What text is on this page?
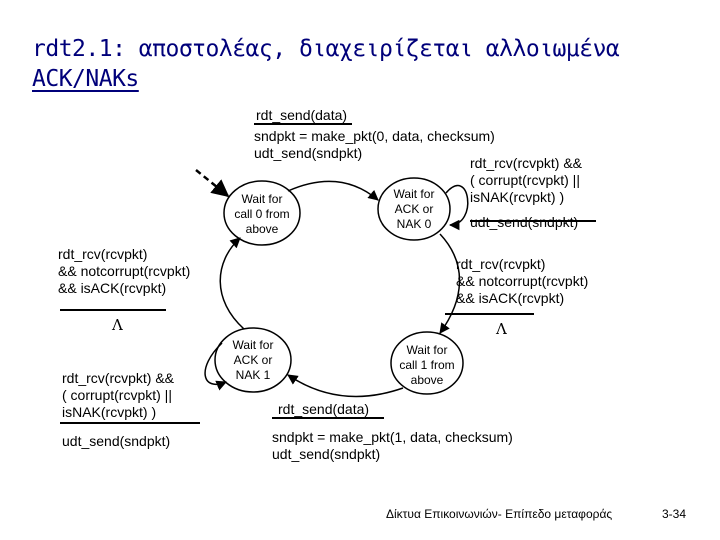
rdt2.1: αποστολέας, διαχειρίζεται αλλοιωμένα
ACK/NAKs
Wait for
call 0 from
above
Wait for
ACK or
NAK 0
Wait for
call 1 from
above
Wait for
ACK or
NAK 1
rdt_send(data)
sndpkt = make_pkt(0, data, checksum)
udt_send(sndpkt)
rdt_rcv(rcvpkt) &&
( corrupt(rcvpkt) ||
isNAK(rcvpkt) )
udt_send(sndpkt)
rdt_rcv(rcvpkt)
&& notcorrupt(rcvpkt)
&& isACK(rcvpkt)
Λ
rdt_send(data)
sndpkt = make_pkt(1, data, checksum)
udt_send(sndpkt)
rdt_rcv(rcvpkt) &&
( corrupt(rcvpkt) ||
isNAK(rcvpkt) )
udt_send(sndpkt)
rdt_rcv(rcvpkt)
&& notcorrupt(rcvpkt)
&& isACK(rcvpkt)
Λ
Δίκτυα Επικοινωνιών- Επίπεδο μεταφοράς	3-34
